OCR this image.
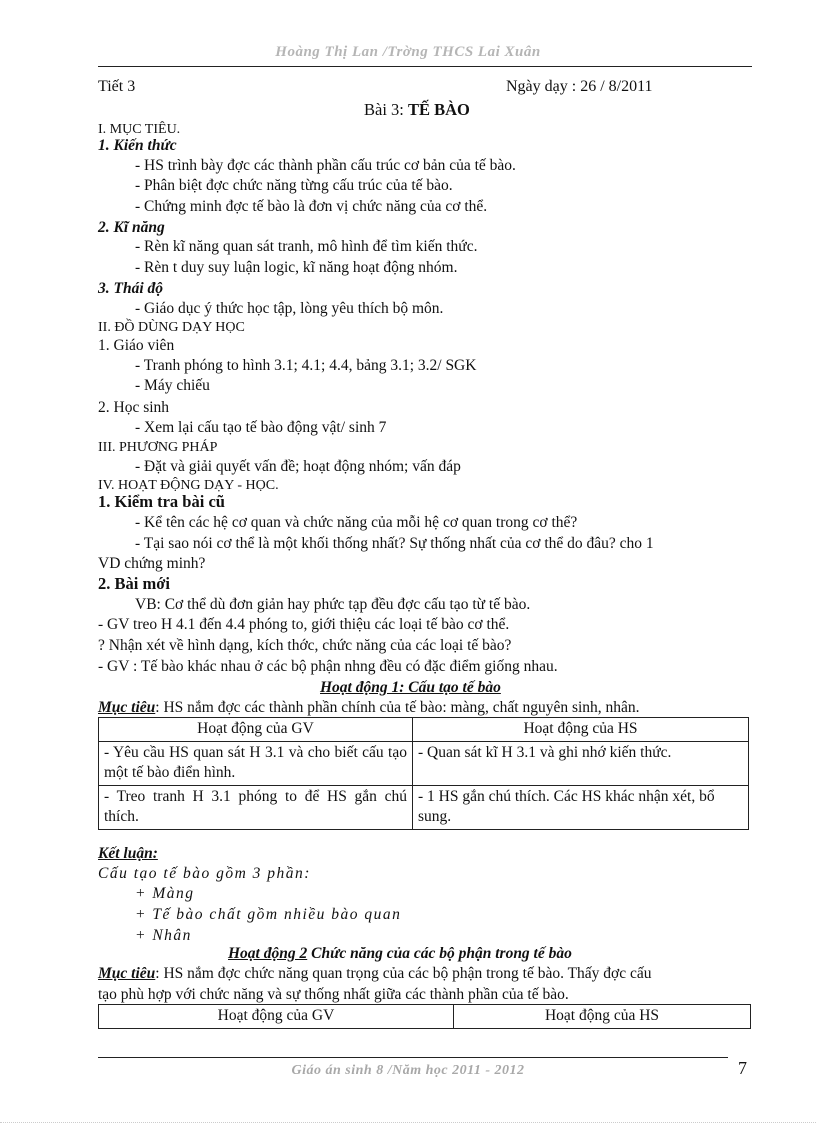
Hoàng Thị Lan /Trờng THCS Lai Xuân
Tiết 3	Ngày dạy : 26 / 8/2011
Bài 3: TẾ BÀO
I. MỤC TIÊU.
1. Kiến thức
- HS trình bày đợc các thành phần cấu trúc cơ bản của tế bào.
- Phân biệt đợc chức năng từng cấu trúc của tế bào.
- Chứng minh đợc tế bào là đơn vị chức năng của cơ thể.
2. Kĩ năng
- Rèn kĩ năng quan sát tranh, mô hình để tìm kiến thức.
- Rèn t duy suy luận logic, kĩ năng hoạt động nhóm.
3. Thái độ
- Giáo dục ý thức học tập, lòng yêu thích bộ môn.
II. ĐỒ DÙNG DẠY HỌC
1. Giáo viên
- Tranh phóng to hình 3.1; 4.1; 4.4, bảng 3.1; 3.2/ SGK
- Máy chiếu
2. Học sinh
- Xem lại cấu tạo tế bào động vật/ sinh 7
III. PHƯƠNG PHÁP
- Đặt và giải quyết vấn đề; hoạt động nhóm; vấn đáp
IV. HOẠT ĐỘNG DẠY - HỌC.
1. Kiểm tra bài cũ
- Kể tên các hệ cơ quan và chức năng của mỗi hệ cơ quan trong cơ thể?
- Tại sao nói cơ thể là một khối thống nhất? Sự thống nhất của cơ thể do đâu? cho 1
VD chứng minh?
2. Bài mới
VB: Cơ thể dù đơn giản hay phức tạp đều đợc cấu tạo từ tế bào.
- GV treo H 4.1 đến 4.4 phóng to, giới thiệu các loại tế bào cơ thể.
? Nhận xét về hình dạng, kích thớc, chức năng của các loại tế bào?
- GV : Tế bào khác nhau ở các bộ phận nhng đều có đặc điểm giống nhau.
Hoạt động 1: Cấu tạo tế bào
Mục tiêu: HS nắm đợc các thành phần chính của tế bào: màng, chất nguyên sinh, nhân.
Hoạt động của GV	Hoạt động của HS
- Yêu cầu HS quan sát H 3.1 và cho biết cấu tạo một tế bào điển hình.	- Quan sát kĩ H 3.1 và ghi nhớ kiến thức.
- Treo tranh H 3.1 phóng to để HS gắn chú thích.	- 1 HS gắn chú thích. Các HS khác nhận xét, bổ sung.
Kết luận:
Cấu tạo tế bào gồm 3 phần:
+ Màng
+ Tế bào chất gồm nhiều bào quan
+ Nhân
Hoạt động 2 Chức năng của các bộ phận trong tế bào
Mục tiêu: HS nắm đợc chức năng quan trọng của các bộ phận trong tế bào. Thấy đợc cấu
tạo phù hợp với chức năng và sự thống nhất giữa các thành phần của tế bào.
Hoạt động của GV	Hoạt động của HS
Giáo án sinh 8 /Năm học 2011 - 2012	7
